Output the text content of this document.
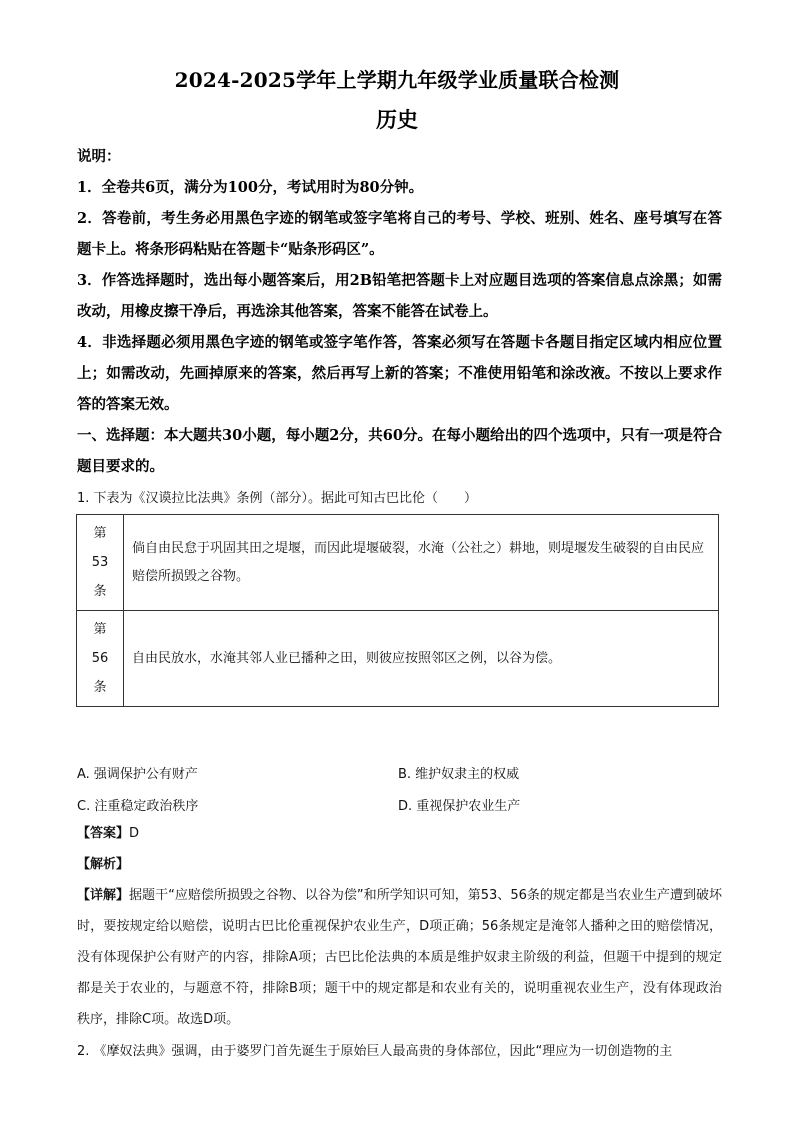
2024-2025学年上学期九年级学业质量联合检测
历史
说明：
1．全卷共6页，满分为100分，考试用时为80分钟。
2．答卷前，考生务必用黑色字迹的钢笔或签字笔将自己的考号、学校、班别、姓名、座号填写在答题卡上。将条形码粘贴在答题卡“贴条形码区”。
3．作答选择题时，选出每小题答案后，用2B铅笔把答题卡上对应题目选项的答案信息点涂黑；如需改动，用橡皮擦干净后，再选涂其他答案，答案不能答在试卷上。
4．非选择题必须用黑色字迹的钢笔或签字笔作答，答案必须写在答题卡各题目指定区域内相应位置上；如需改动，先画掉原来的答案，然后再写上新的答案；不准使用铅笔和涂改液。不按以上要求作答的答案无效。
一、选择题：本大题共30小题，每小题2分，共60分。在每小题给出的四个选项中，只有一项是符合题目要求的。
1. 下表为《汉谟拉比法典》条例（部分）。据此可知古巴比伦（　　）
第
53
条	倘自由民怠于巩固其田之堤堰，而因此堤堰破裂，水淹（公社之）耕地，则堤堰发生破裂的自由民应赔偿所损毁之谷物。

第
56
条	自由民放水，水淹其邻人业已播种之田，则彼应按照邻区之例，以谷为偿。
A. 强调保护公有财产	B. 维护奴隶主的权威
C. 注重稳定政治秩序	D. 重视保护农业生产
【答案】D
【解析】
【详解】据题干“应赔偿所损毁之谷物、以谷为偿”和所学知识可知，第53、56条的规定都是当农业生产遭到破坏时，要按规定给以赔偿，说明古巴比伦重视保护农业生产，D项正确；56条规定是淹邻人播种之田的赔偿情况，没有体现保护公有财产的内容，排除A项；古巴比伦法典的本质是维护奴隶主阶级的利益，但题干中提到的规定都是关于农业的，与题意不符，排除B项；题干中的规定都是和农业有关的，说明重视农业生产，没有体现政治秩序，排除C项。故选D项。
2. 《摩奴法典》强调，由于婆罗门首先诞生于原始巨人最高贵的身体部位，因此“理应为一切创造物的主
